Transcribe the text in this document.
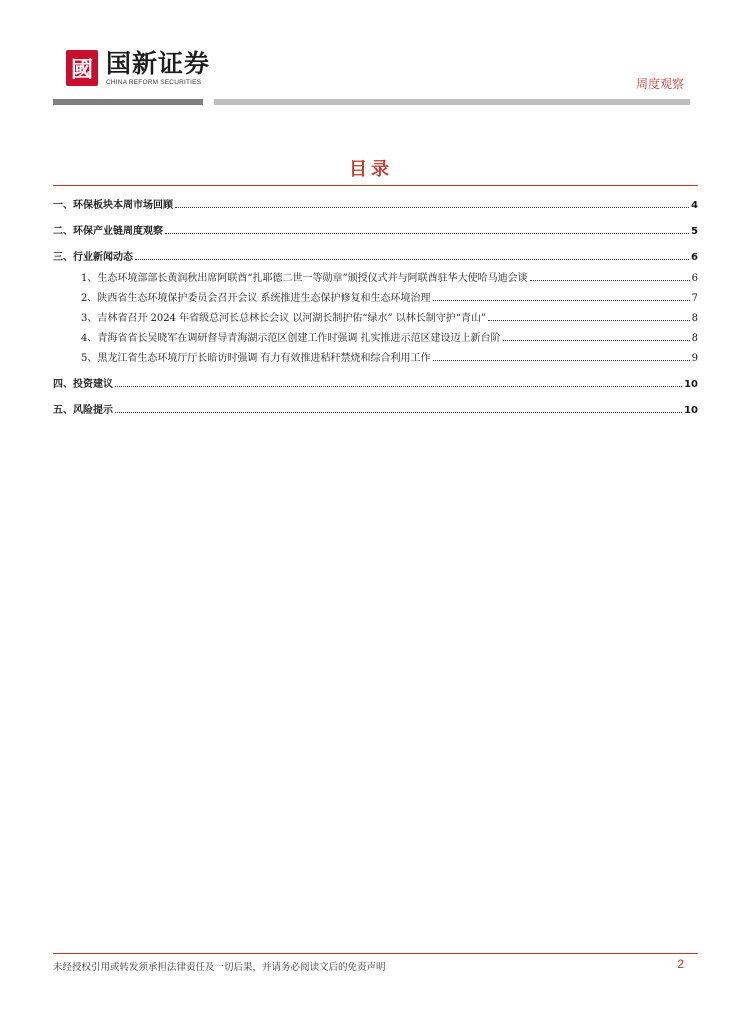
國 国新证券
CHINA REFORM SECURITIES	周度观察
目录
一、环保板块本周市场回顾	4
二、环保产业链周度观察	5
三、行业新闻动态	6
1、生态环境部部长黄润秋出席阿联酋“扎耶德二世一等勋章”颁授仪式并与阿联酋驻华大使哈马迪会谈	6
2、陕西省生态环境保护委员会召开会议 系统推进生态保护修复和生态环境治理	7
3、吉林省召开 2024 年省级总河长总林长会议 以河湖长制护佑“绿水” 以林长制守护“青山”	8
4、青海省省长吴晓军在调研督导青海湖示范区创建工作时强调 扎实推进示范区建设迈上新台阶	8
5、黑龙江省生态环境厅厅长暗访时强调 有力有效推进秸秆禁烧和综合利用工作	9
四、投资建议	10
五、风险提示	10
未经授权引用或转发须承担法律责任及一切后果，并请务必阅读文后的免责声明	2
